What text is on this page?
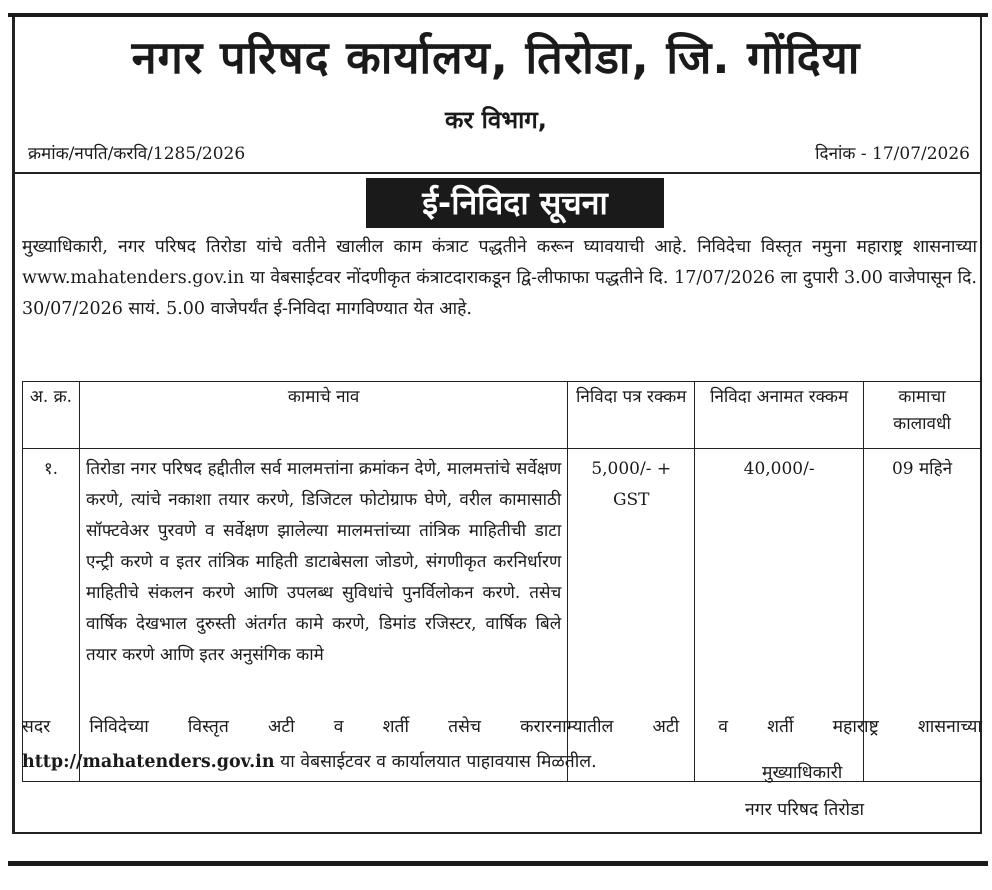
नगर परिषद कार्यालय, तिरोडा, जि. गोंदिया
कर विभाग,
क्रमांक/नपति/करवि/1285/2026	दिनांक - 17/07/2026
ई-निविदा सूचना
मुख्याधिकारी, नगर परिषद तिरोडा यांचे वतीने खालील काम कंत्राट पद्धतीने करून घ्यावयाची आहे. निविदेचा विस्तृत नमुना महाराष्ट्र शासनाच्या www.mahatenders.gov.in या वेबसाईटवर नोंदणीकृत कंत्राटदाराकडून द्वि-लीफाफा पद्धतीने दि. 17/07/2026 ला दुपारी 3.00 वाजेपासून दि. 30/07/2026 सायं. 5.00 वाजेपर्यंत ई-निविदा मागविण्यात येत आहे.
अ. क्र.	कामाचे नाव	निविदा पत्र रक्कम	निविदा अनामत रक्कम	कामाचा कालावधी
१.	तिरोडा नगर परिषद हद्दीतील सर्व मालमत्तांना क्रमांकन देणे, मालमत्तांचे सर्वेक्षण करणे, त्यांचे नकाशा तयार करणे, डिजिटल फोटोग्राफ घेणे, वरील कामासाठी सॉफ्टवेअर पुरवणे व सर्वेक्षण झालेल्या मालमत्तांच्या तांत्रिक माहितीची डाटा एन्ट्री करणे व इतर तांत्रिक माहिती डाटाबेसला जोडणे, संगणीकृत करनिर्धारण माहितीचे संकलन करणे आणि उपलब्ध सुविधांचे पुनर्विलोकन करणे. तसेच वार्षिक देखभाल दुरुस्ती अंतर्गत कामे करणे, डिमांड रजिस्टर, वार्षिक बिले तयार करणे आणि इतर अनुसंगिक कामे	5,000/- + GST	40,000/-	09 महिने
सदर निविदेच्या विस्तृत अटी व शर्ती तसेच करारनाम्यातील अटी व शर्ती महाराष्ट्र शासनाच्या
http://mahatenders.gov.in या वेबसाईटवर व कार्यालयात पाहावयास मिळतील.
मुख्याधिकारी
नगर परिषद तिरोडा
